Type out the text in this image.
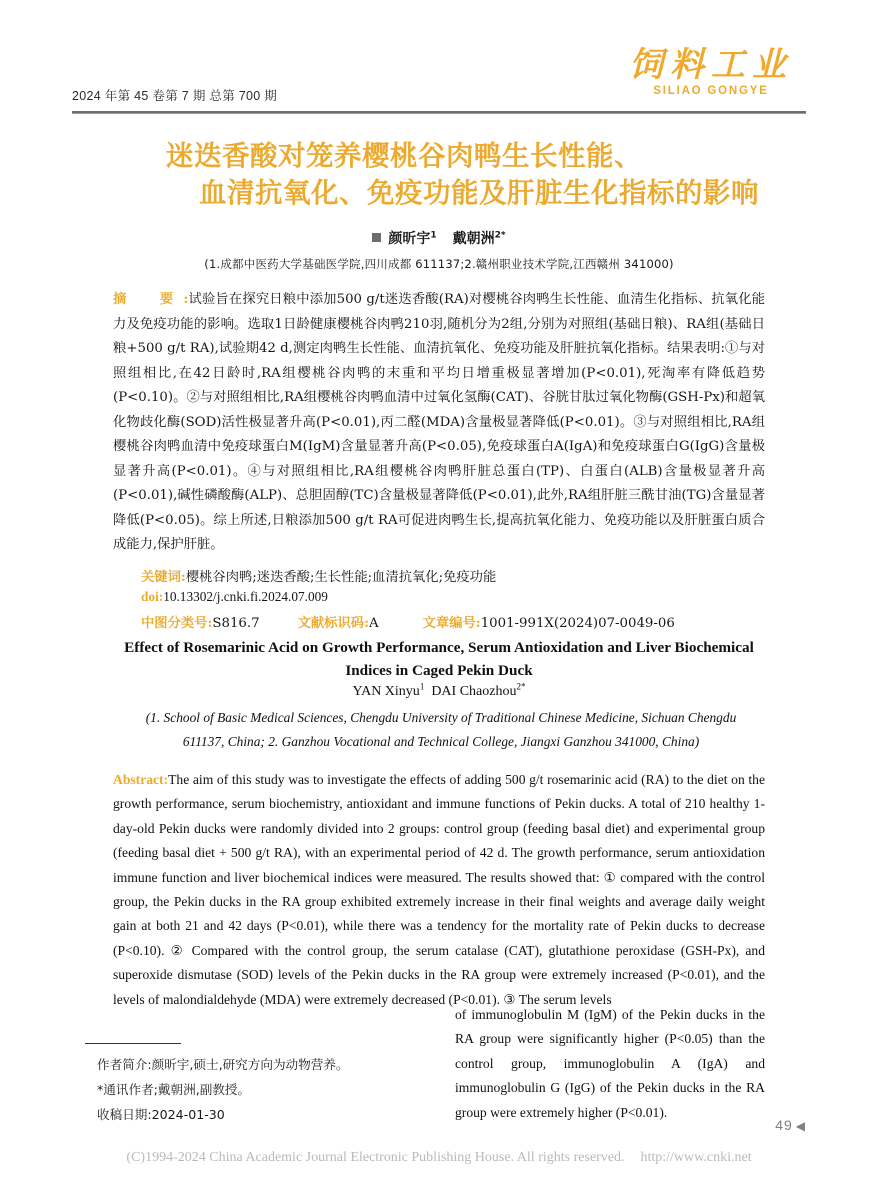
饲料工业
SILIAO GONGYE
2024 年第 45 卷第 7 期 总第 700 期
迷迭香酸对笼养樱桃谷肉鸭生长性能、
血清抗氧化、免疫功能及肝脏生化指标的影响
颜昕宇$^1$ 戴朝洲$^{2*}$
(1.成都中医药大学基础医学院,四川成都 611137;2.赣州职业技术学院,江西赣州 341000)
摘　要:试验旨在探究日粮中添加500 g/t迷迭香酸(RA)对樱桃谷肉鸭生长性能、血清生化指标、抗氧化能力及免疫功能的影响。选取1日龄健康樱桃谷肉鸭210羽,随机分为2组,分别为对照组(基础日粮)、RA组(基础日粮+500 g/t RA),试验期42 d,测定肉鸭生长性能、血清抗氧化、免疫功能及肝脏抗氧化指标。结果表明:①与对照组相比,在42日龄时,RA组樱桃谷肉鸭的末重和平均日增重极显著增加(P<0.01),死淘率有降低趋势(P<0.10)。②与对照组相比,RA组樱桃谷肉鸭血清中过氧化氢酶(CAT)、谷胱甘肽过氧化物酶(GSH-Px)和超氧化物歧化酶(SOD)活性极显著升高(P<0.01),丙二醛(MDA)含量极显著降低(P<0.01)。③与对照组相比,RA组樱桃谷肉鸭血清中免疫球蛋白M(IgM)含量显著升高(P<0.05),免疫球蛋白A(IgA)和免疫球蛋白G(IgG)含量极显著升高(P<0.01)。④与对照组相比,RA组樱桃谷肉鸭肝脏总蛋白(TP)、白蛋白(ALB)含量极显著升高(P<0.01),碱性磷酸酶(ALP)、总胆固醇(TC)含量极显著降低(P<0.01),此外,RA组肝脏三酰甘油(TG)含量显著降低(P<0.05)。综上所述,日粮添加500 g/t RA可促进肉鸭生长,提高抗氧化能力、免疫功能以及肝脏蛋白质合成能力,保护肝脏。
关键词:樱桃谷肉鸭;迷迭香酸;生长性能;血清抗氧化;免疫功能
doi:10.13302/j.cnki.fi.2024.07.009
中图分类号:S816.7	文献标识码:A	文章编号:1001-991X(2024)07-0049-06
Effect of Rosemarinic Acid on Growth Performance, Serum Antioxidation and Liver Biochemical
Indices in Caged Pekin Duck
YAN Xinyu$^1$ DAI Chaozhou$^{2*}$
(1. School of Basic Medical Sciences, Chengdu University of Traditional Chinese Medicine, Sichuan Chengdu 611137, China; 2. Ganzhou Vocational and Technical College, Jiangxi Ganzhou 341000, China)
Abstract:The aim of this study was to investigate the effects of adding 500 g/t rosemarinic acid (RA) to the diet on the growth performance, serum biochemistry, antioxidant and immune functions of Pekin ducks. A total of 210 healthy 1-day-old Pekin ducks were randomly divided into 2 groups: control group (feeding basal diet) and experimental group (feeding basal diet + 500 g/t RA), with an experimental period of 42 d. The growth performance, serum antioxidation immune function and liver biochemical indices were measured. The results showed that: ① compared with the control group, the Pekin ducks in the RA group exhibited extremely increase in their final weights and average daily weight gain at both 21 and 42 days (P<0.01), while there was a tendency for the mortality rate of Pekin ducks to decrease (P<0.10). ② Compared with the control group, the serum catalase (CAT), glutathione peroxidase (GSH-Px), and superoxide dismutase (SOD) levels of the Pekin ducks in the RA group were extremely increased (P<0.01), and the levels of malondialdehyde (MDA) were extremely decreased (P<0.01). ③ The serum levels
of immunoglobulin M (IgM) of the Pekin ducks in the RA group were significantly higher (P<0.05) than the control group, immunoglobulin A (IgA) and immunoglobulin G (IgG) of the Pekin ducks in the RA group were extremely higher (P<0.01).
作者简介:颜昕宇,硕士,研究方向为动物营养。
*通讯作者;戴朝洲,副教授。
收稿日期:2024-01-30
49 ◀
(C)1994-2024 China Academic Journal Electronic Publishing House. All rights reserved. http://www.cnki.net
